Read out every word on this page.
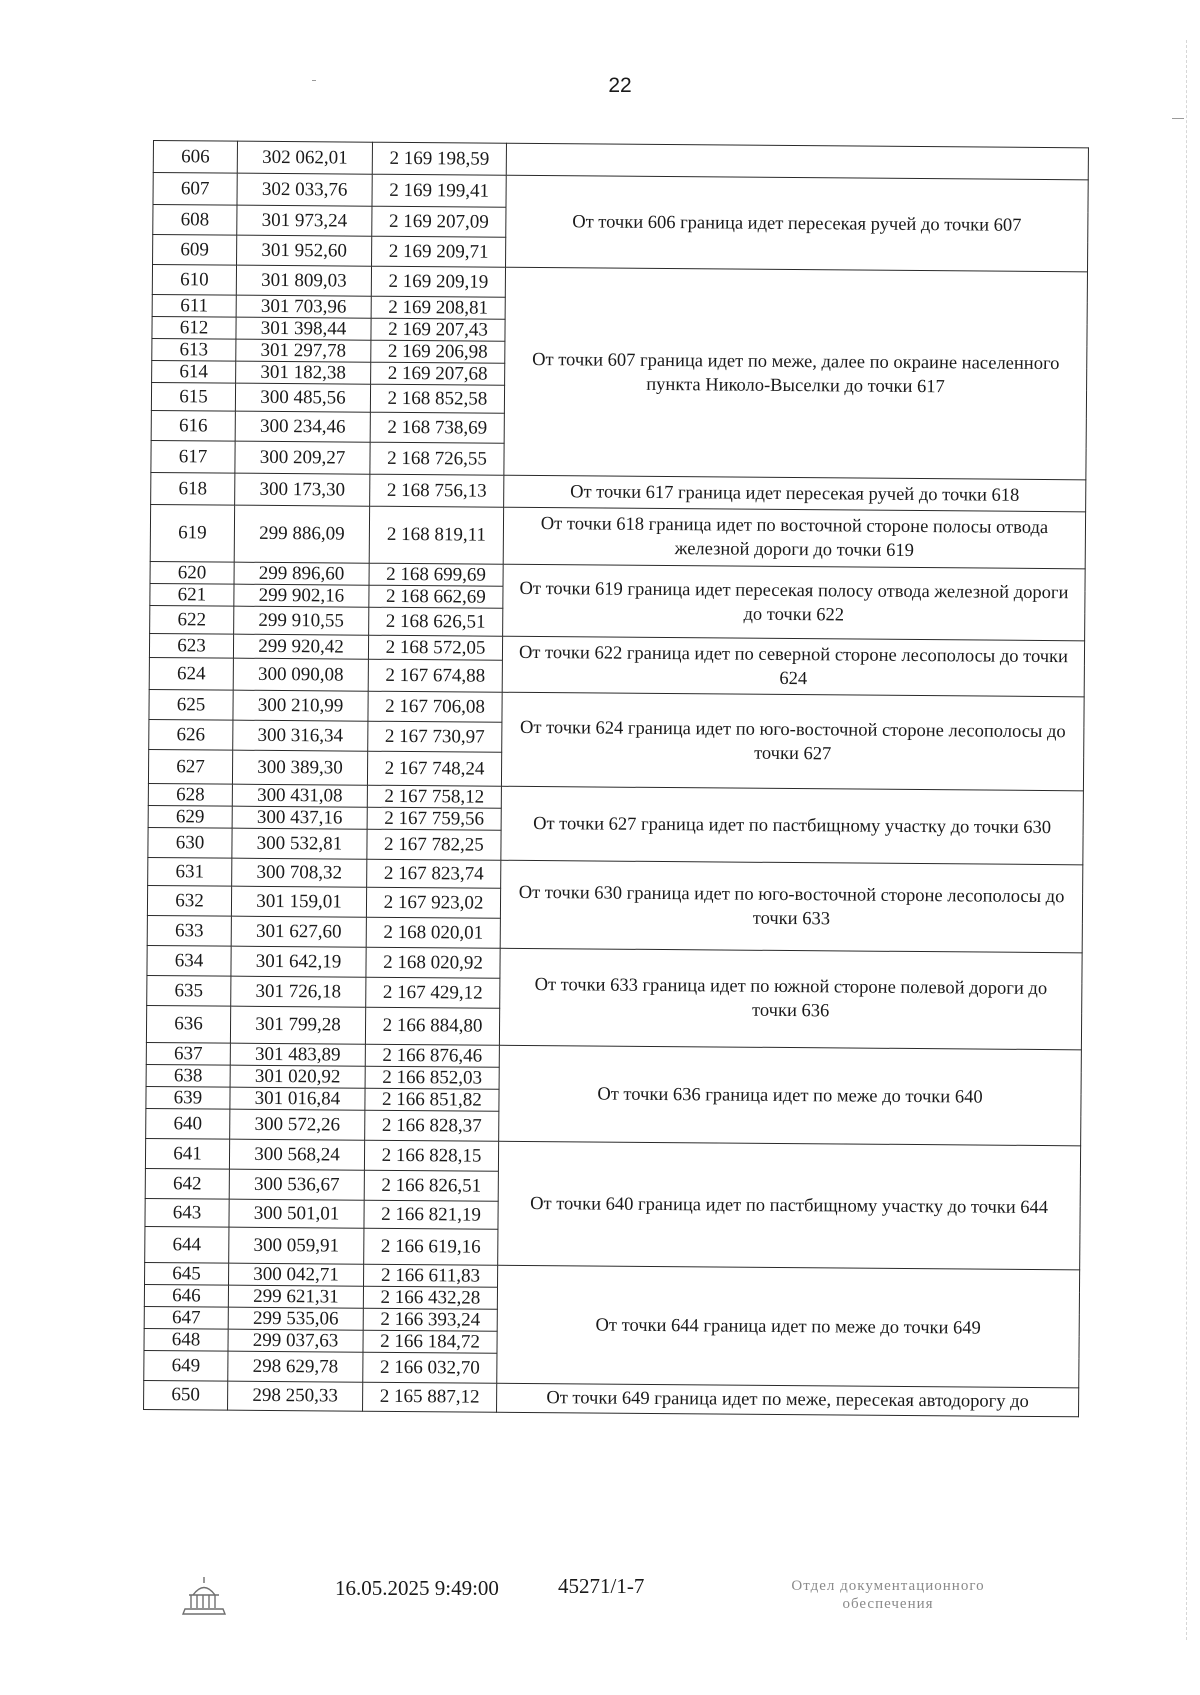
22
606	302 062,01	2 169 198,59	
607	302 033,76	2 169 199,41	От точки 606 граница идет пересекая ручей до точки 607
608	301 973,24	2 169 207,09	
609	301 952,60	2 169 209,71	
610	301 809,03	2 169 209,19	От точки 607 граница идет по меже, далее по окраине населенного пункта Николо-Выселки до точки 617
611	301 703,96	2 169 208,81	
612	301 398,44	2 169 207,43	
613	301 297,78	2 169 206,98	
614	301 182,38	2 169 207,68	
615	300 485,56	2 168 852,58	
616	300 234,46	2 168 738,69	
617	300 209,27	2 168 726,55	
618	300 173,30	2 168 756,13	От точки 617 граница идет пересекая ручей до точки 618
619	299 886,09	2 168 819,11	От точки 618 граница идет по восточной стороне полосы отвода железной дороги до точки 619
620	299 896,60	2 168 699,69	От точки 619 граница идет пересекая полосу отвода железной дороги до точки 622
621	299 902,16	2 168 662,69	
622	299 910,55	2 168 626,51	
623	299 920,42	2 168 572,05	От точки 622 граница идет по северной стороне лесополосы до точки 624
624	300 090,08	2 167 674,88	
625	300 210,99	2 167 706,08	От точки 624 граница идет по юго-восточной стороне лесополосы до точки 627
626	300 316,34	2 167 730,97	
627	300 389,30	2 167 748,24	
628	300 431,08	2 167 758,12	От точки 627 граница идет по пастбищному участку до точки 630
629	300 437,16	2 167 759,56	
630	300 532,81	2 167 782,25	
631	300 708,32	2 167 823,74	От точки 630 граница идет по юго-восточной стороне лесополосы до точки 633
632	301 159,01	2 167 923,02	
633	301 627,60	2 168 020,01	
634	301 642,19	2 168 020,92	От точки 633 граница идет по южной стороне полевой дороги до точки 636
635	301 726,18	2 167 429,12	
636	301 799,28	2 166 884,80	
637	301 483,89	2 166 876,46	От точки 636 граница идет по меже до точки 640
638	301 020,92	2 166 852,03	
639	301 016,84	2 166 851,82	
640	300 572,26	2 166 828,37	
641	300 568,24	2 166 828,15	От точки 640 граница идет по пастбищному участку до точки 644
642	300 536,67	2 166 826,51	
643	300 501,01	2 166 821,19	
644	300 059,91	2 166 619,16	
645	300 042,71	2 166 611,83	От точки 644 граница идет по меже до точки 649
646	299 621,31	2 166 432,28	
647	299 535,06	2 166 393,24	
648	299 037,63	2 166 184,72	
649	298 629,78	2 166 032,70	
650	298 250,33	2 165 887,12	От точки 649 граница идет по меже, пересекая автодорогу до
16.05.2025 9:49:00	45271/1-7	Отдел документационного
обеспечения
